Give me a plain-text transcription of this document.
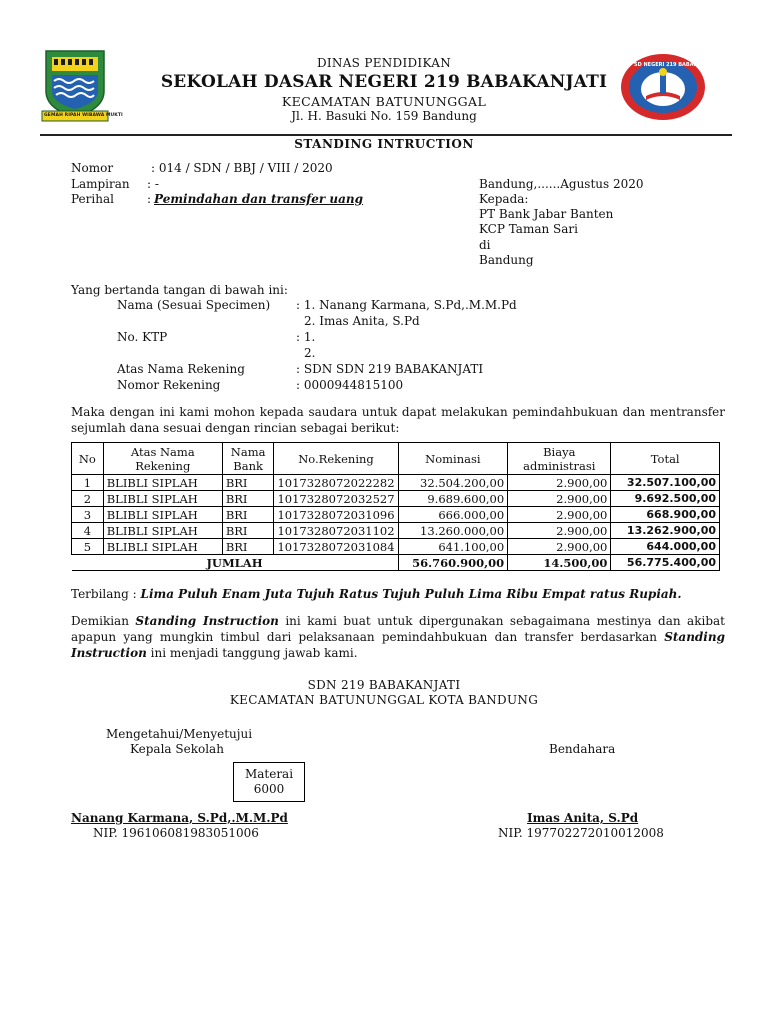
GEMAH RIPAH WIBAWA MUKTI
SD NEGERI 219 BABAKANJATI
DINAS PENDIDIKAN
SEKOLAH DASAR NEGERI 219 BABAKANJATI
KECAMATAN BATUNUNGGAL
Jl. H. Basuki No. 159 Bandung
STANDING INTRUCTION
Nomor	: 014 / SDN / BBJ / VIII / 2020
Lampiran : -
Perihal	: Pemindahan dan transfer uang
Bandung,......Agustus 2020
Kepada:
PT Bank Jabar Banten
KCP Taman Sari
di
Bandung
Yang bertanda tangan di bawah ini:
Nama (Sesuai Specimen) : 1. Nanang Karmana, S.Pd,.M.M.Pd
2. Imas Anita, S.Pd
No. KTP	: 1.
2.
Atas Nama Rekening	: SDN SDN 219 BABAKANJATI
Nomor Rekening	: 0000944815100
Maka dengan ini kami mohon kepada saudara untuk dapat melakukan pemindahbukuan dan mentransfer sejumlah dana sesuai dengan rincian sebagai berikut:
No	Atas Nama Rekening	Nama Bank	No.Rekening	Nominasi	Biaya administrasi	Total
1	BLIBLI SIPLAH	BRI	1017328072022282	32.504.200,00	2.900,00	32.507.100,00
2	BLIBLI SIPLAH	BRI	1017328072032527	9.689.600,00	2.900,00	9.692.500,00
3	BLIBLI SIPLAH	BRI	1017328072031096	666.000,00	2.900,00	668.900,00
4	BLIBLI SIPLAH	BRI	1017328072031102	13.260.000,00	2.900,00	13.262.900,00
5	BLIBLI SIPLAH	BRI	1017328072031084	641.100,00	2.900,00	644.000,00
JUMLAH				56.760.900,00	14.500,00	56.775.400,00
Terbilang : Lima Puluh Enam Juta Tujuh Ratus Tujuh Puluh Lima Ribu Empat ratus Rupiah.
Demikian Standing Instruction ini kami buat untuk dipergunakan sebagaimana mestinya dan akibat apapun yang mungkin timbul dari pelaksanaan pemindahbukuan dan transfer berdasarkan Standing Instruction ini menjadi tanggung jawab kami.
SDN 219 BABAKANJATI
KECAMATAN BATUNUNGGAL KOTA BANDUNG
Mengetahui/Menyetujui
Kepala Sekolah	Bendahara
Materai
6000
Nanang Karmana, S.Pd,.M.M.Pd
NIP. 196106081983051006
Imas Anita, S.Pd
NIP. 197702272010012008
